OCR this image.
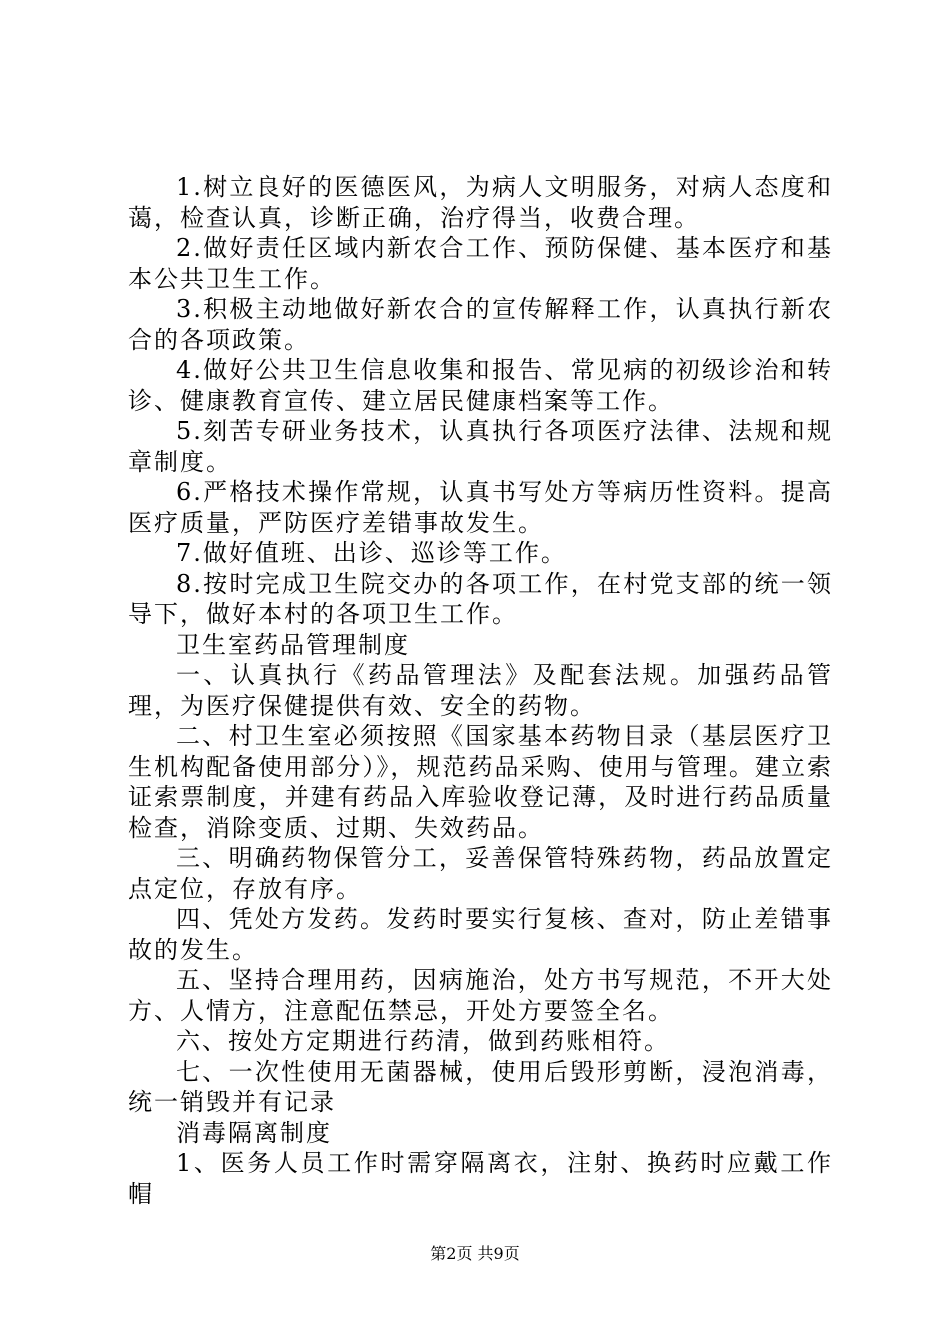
1.树立良好的医德医风，为病人文明服务，对病人态度和蔼，检查认真，诊断正确，治疗得当，收费合理。

2.做好责任区域内新农合工作、预防保健、基本医疗和基本公共卫生工作。

3.积极主动地做好新农合的宣传解释工作，认真执行新农合的各项政策。

4.做好公共卫生信息收集和报告、常见病的初级诊治和转诊、健康教育宣传、建立居民健康档案等工作。

5.刻苦专研业务技术，认真执行各项医疗法律、法规和规章制度。

6.严格技术操作常规，认真书写处方等病历性资料。提高医疗质量，严防医疗差错事故发生。

7.做好值班、出诊、巡诊等工作。

8.按时完成卫生院交办的各项工作，在村党支部的统一领导下，做好本村的各项卫生工作。

卫生室药品管理制度

一、认真执行《药品管理法》及配套法规。加强药品管理，为医疗保健提供有效、安全的药物。

二、村卫生室必须按照《国家基本药物目录（基层医疗卫生机构配备使用部分）》，规范药品采购、使用与管理。建立索证索票制度，并建有药品入库验收登记薄，及时进行药品质量检查，消除变质、过期、失效药品。

三、明确药物保管分工，妥善保管特殊药物，药品放置定点定位，存放有序。

四、凭处方发药。发药时要实行复核、查对，防止差错事故的发生。

五、坚持合理用药，因病施治，处方书写规范，不开大处方、人情方，注意配伍禁忌，开处方要签全名。

六、按处方定期进行药清，做到药账相符。

七、一次性使用无菌器械，使用后毁形剪断，浸泡消毒，统一销毁并有记录

消毒隔离制度

1、医务人员工作时需穿隔离衣，注射、换药时应戴工作帽

第2页 共9页
